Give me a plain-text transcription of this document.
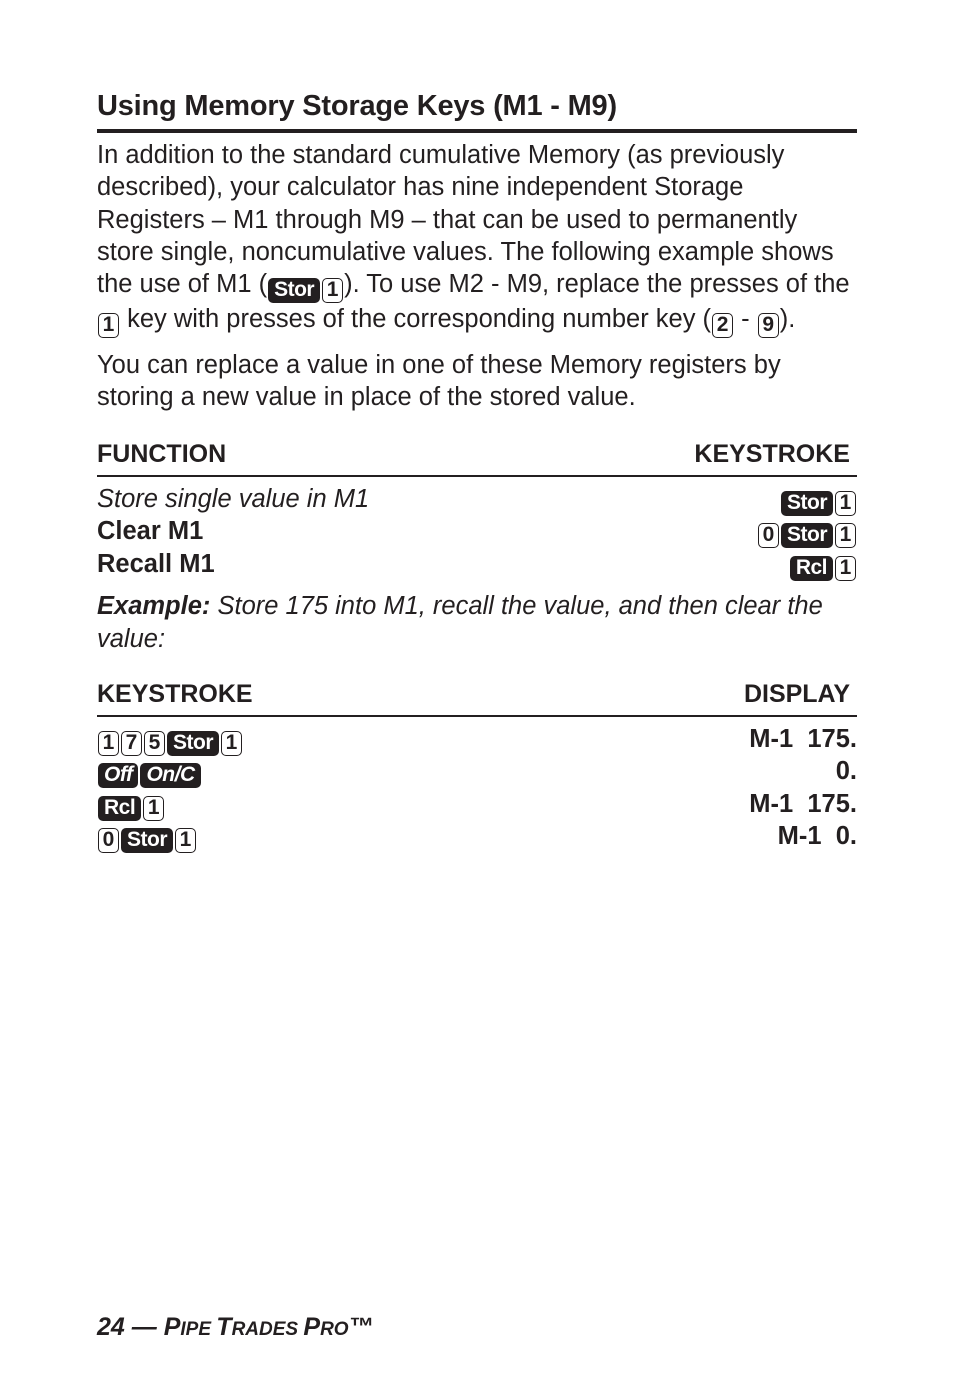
Using Memory Storage Keys (M1 - M9)

In addition to the standard cumulative Memory (as previously described), your calculator has nine independent Storage Registers – M1 through M9 – that can be used to permanently store single, noncumulative values. The following example shows the use of M1 ( Stor 1 ). To use M2 - M9, replace the presses of the 1 key with presses of the corresponding number key ( 2 - 9 ).

You can replace a value in one of these Memory registers by storing a new value in place of the stored value.

FUNCTION	KEYSTROKE
Store single value in M1	Stor 1
Clear M1	0 Stor 1
Recall M1	Rcl 1

Example: Store 175 into M1, recall the value, and then clear the value:

KEYSTROKE	DISPLAY
1 7 5 Stor 1	M-1  175.
Off On/C	0.
Rcl 1	M-1  175.
0 Stor 1	M-1  0.
24 — PIPE TRADES PRO™
